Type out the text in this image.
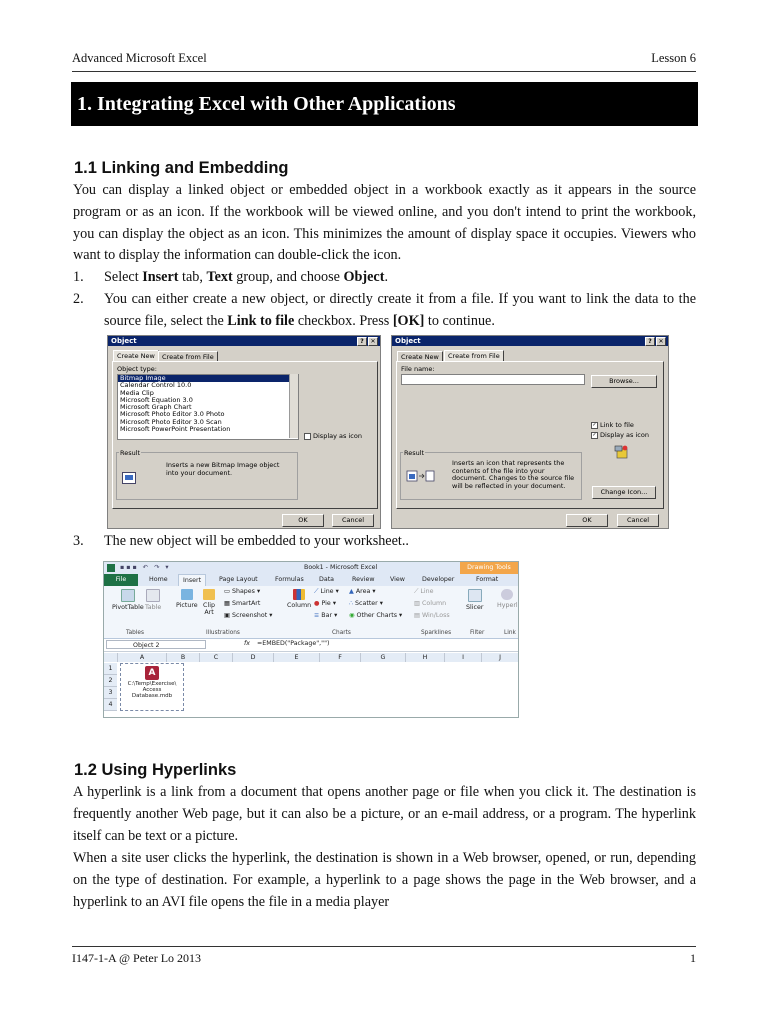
Advanced Microsoft Excel	Lesson 6
1. Integrating Excel with Other Applications
1.1 Linking and Embedding

You can display a linked object or embedded object in a workbook exactly as it appears in the source program or as an icon. If the workbook will be viewed online, and you don't intend to print the workbook, you can display the object as an icon. This minimizes the amount of display space it occupies. Viewers who want to display the information can double-click the icon.

1. Select Insert tab, Text group, and choose Object.
2. You can either create a new object, or directly create it from a file. If you want to link the data to the source file, select the Link to file checkbox. Press [OK] to continue.
Object	?	✕
Create New	Create from File
Object type:
Bitmap Image
Calendar Control 10.0
Media Clip
Microsoft Equation 3.0
Microsoft Graph Chart
Microsoft Photo Editor 3.0 Photo
Microsoft Photo Editor 3.0 Scan
Microsoft PowerPoint Presentation
Display as icon
Result
Inserts a new Bitmap Image object into your document.
OK	Cancel
Object	?	✕
Create New	Create from File
File name:
Browse...
✓ Link to file
✓ Display as icon
Result
Inserts an icon that represents the contents of the file into your document. Changes to the source file will be reflected in your document.
Change Icon...
OK	Cancel
3. The new object will be embedded to your worksheet..
▪▪▪ ↶ ↷ ▾	Book1 - Microsoft Excel	Drawing Tools
File	Home	Insert	Page Layout	Formulas Data	Review View	Developer	Format
PivotTable Table Picture Clip Art
▭ Shapes ▾
▦ SmartArt
▣ Screenshot ▾
Column
⟋ Line ▾
● Pie ▾
≡ Bar ▾
▲ Area ▾
∴ Scatter ▾
◉ Other Charts ▾
⟋ Line
▥ Column
▤ Win/Loss
Slicer Hyperl
Tables	Illustrations	Charts	Sparklines	Filter	Link
Object 2	fx =EMBED("Package","")
A	B	C	D	E	F	G	H	I	J
1
2
3
4
A
C:\Temp\Exercise\
Access
Database.mdb
1.2 Using Hyperlinks

A hyperlink is a link from a document that opens another page or file when you click it. The destination is frequently another Web page, but it can also be a picture, or an e-mail address, or a program. The hyperlink itself can be text or a picture.

When a site user clicks the hyperlink, the destination is shown in a Web browser, opened, or run, depending on the type of destination. For example, a hyperlink to a page shows the page in the Web browser, and a hyperlink to an AVI file opens the file in a media player

I147-1-A @ Peter Lo 2013	1
